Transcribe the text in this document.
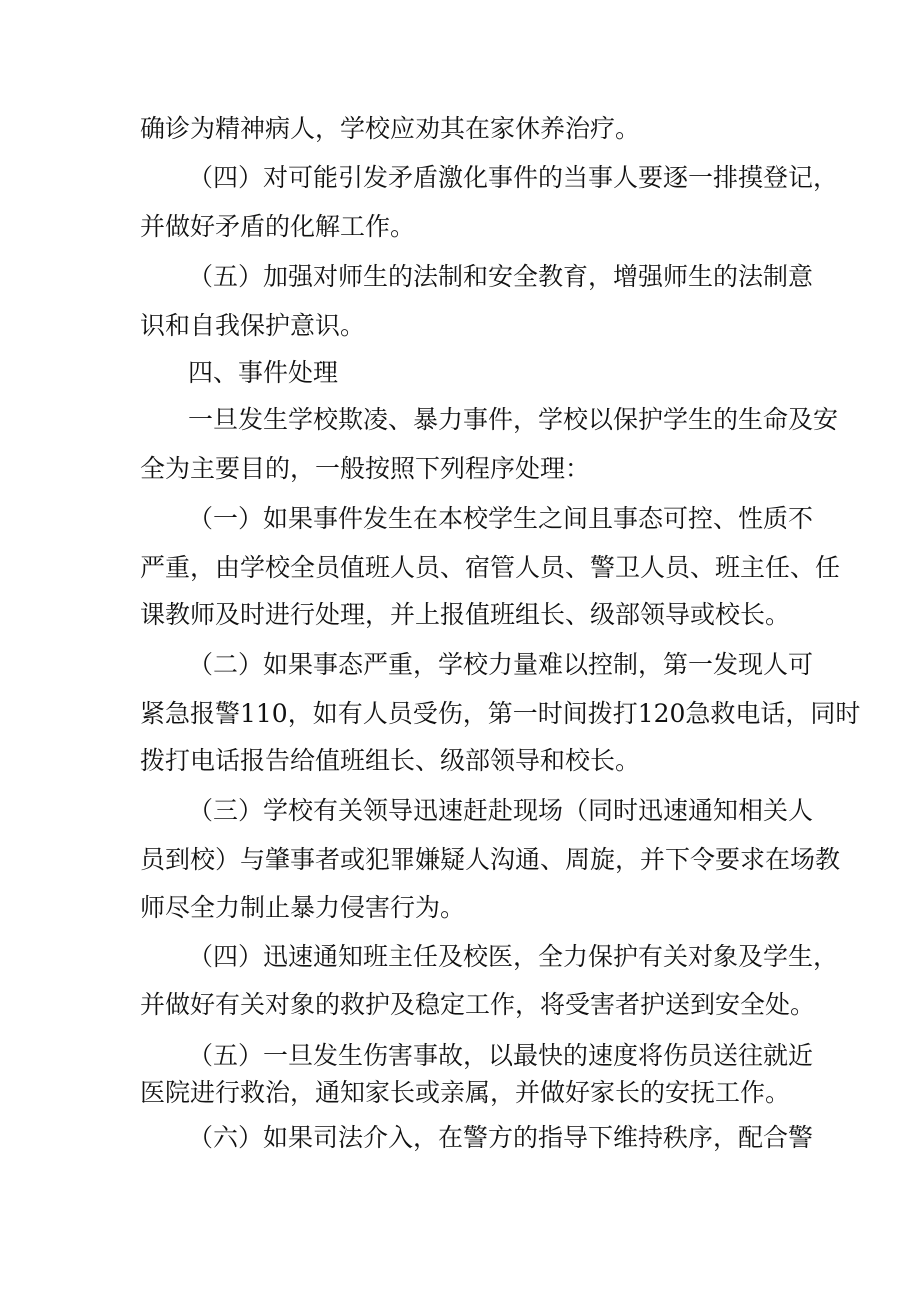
确诊为精神病人，学校应劝其在家休养治疗。
（四）对可能引发矛盾激化事件的当事人要逐一排摸登记，
并做好矛盾的化解工作。
（五）加强对师生的法制和安全教育，增强师生的法制意
识和自我保护意识。
四、事件处理
一旦发生学校欺凌、暴力事件，学校以保护学生的生命及安
全为主要目的，一般按照下列程序处理：
（一）如果事件发生在本校学生之间且事态可控、性质不
严重，由学校全员值班人员、宿管人员、警卫人员、班主任、任
课教师及时进行处理，并上报值班组长、级部领导或校长。
（二）如果事态严重，学校力量难以控制，第一发现人可
紧急报警110，如有人员受伤，第一时间拨打120急救电话，同时
拨打电话报告给值班组长、级部领导和校长。
（三）学校有关领导迅速赶赴现场（同时迅速通知相关人
员到校）与肇事者或犯罪嫌疑人沟通、周旋，并下令要求在场教
师尽全力制止暴力侵害行为。
（四）迅速通知班主任及校医，全力保护有关对象及学生，
并做好有关对象的救护及稳定工作，将受害者护送到安全处。
（五）一旦发生伤害事故，以最快的速度将伤员送往就近
医院进行救治，通知家长或亲属，并做好家长的安抚工作。
（六）如果司法介入，在警方的指导下维持秩序，配合警
